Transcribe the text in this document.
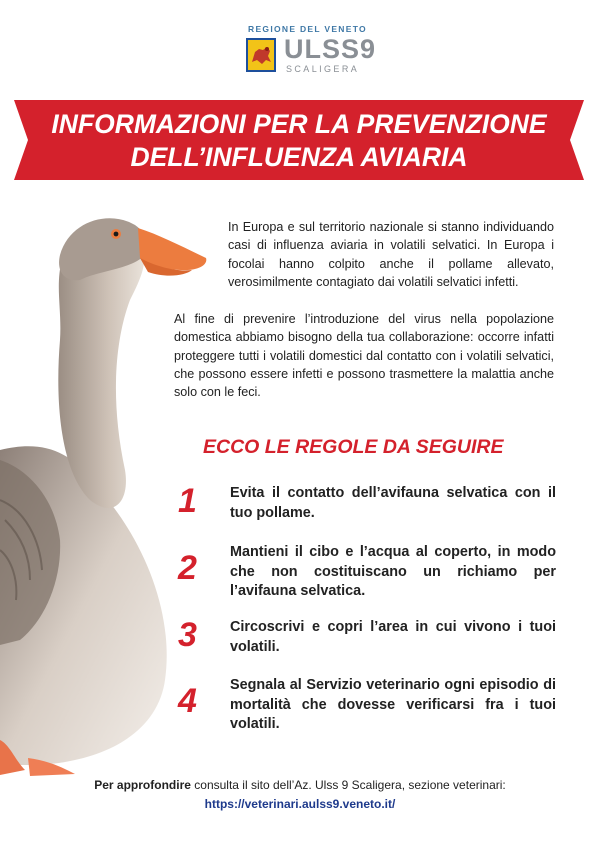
REGIONE DEL VENETO
ULSS9
SCALIGERA
INFORMAZIONI PER LA PREVENZIONE
DELL’INFLUENZA AVIARIA

In Europa e sul territorio nazionale si stanno individuando casi di influenza aviaria in volatili selvatici. In Europa i focolai hanno colpito anche il pollame allevato, verosimilmente contagiato dai volatili selvatici infetti.

Al fine di prevenire l’introduzione del virus nella popolazione domestica abbiamo bisogno della tua collaborazione: occorre infatti proteggere tutti i volatili domestici dal contatto con i volatili selvatici, che possono essere infetti e possono trasmettere la malattia anche solo con le feci.

ECCO LE REGOLE DA SEGUIRE
1 Evita il contatto dell’avifauna selvatica con il tuo pollame.

2 Mantieni il cibo e l’acqua al coperto, in modo che non costituiscano un richiamo per l’avifauna selvatica.

3 Circoscrivi e copri l’area in cui vivono i tuoi volatili.

4 Segnala al Servizio veterinario ogni episodio di mortalità che dovesse verificarsi fra i tuoi volatili.

Per approfondire consulta il sito dell’Az. Ulss 9 Scaligera, sezione veterinari:
https://veterinari.aulss9.veneto.it/
